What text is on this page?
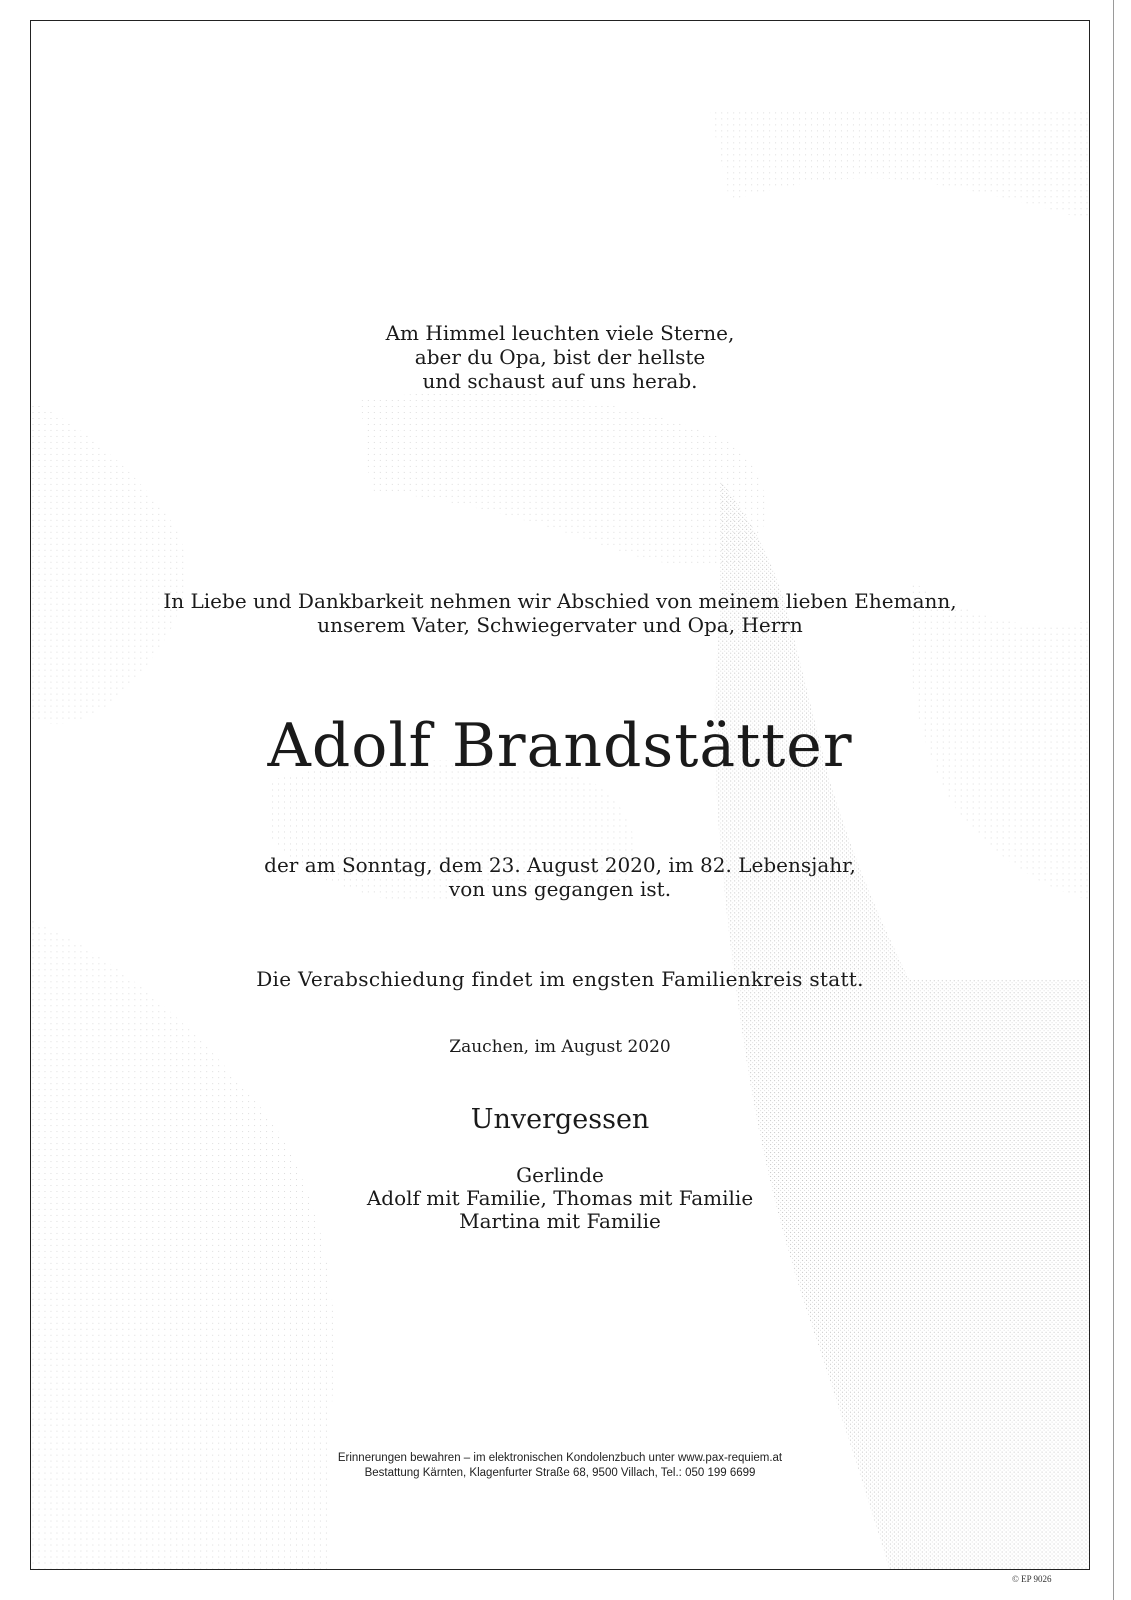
Am Himmel leuchten viele Sterne,
aber du Opa, bist der hellste
und schaust auf uns herab.
In Liebe und Dankbarkeit nehmen wir Abschied von meinem lieben Ehemann,
unserem Vater, Schwiegervater und Opa, Herrn
Adolf Brandstätter
der am Sonntag, dem 23. August 2020, im 82. Lebensjahr,
von uns gegangen ist.
Die Verabschiedung findet im engsten Familienkreis statt.
Zauchen, im August 2020
Unvergessen
Gerlinde
Adolf mit Familie, Thomas mit Familie
Martina mit Familie
Erinnerungen bewahren – im elektronischen Kondolenzbuch unter www.pax-requiem.at
Bestattung Kärnten, Klagenfurter Straße 68, 9500 Villach, Tel.: 050 199 6699
© EP 9026
